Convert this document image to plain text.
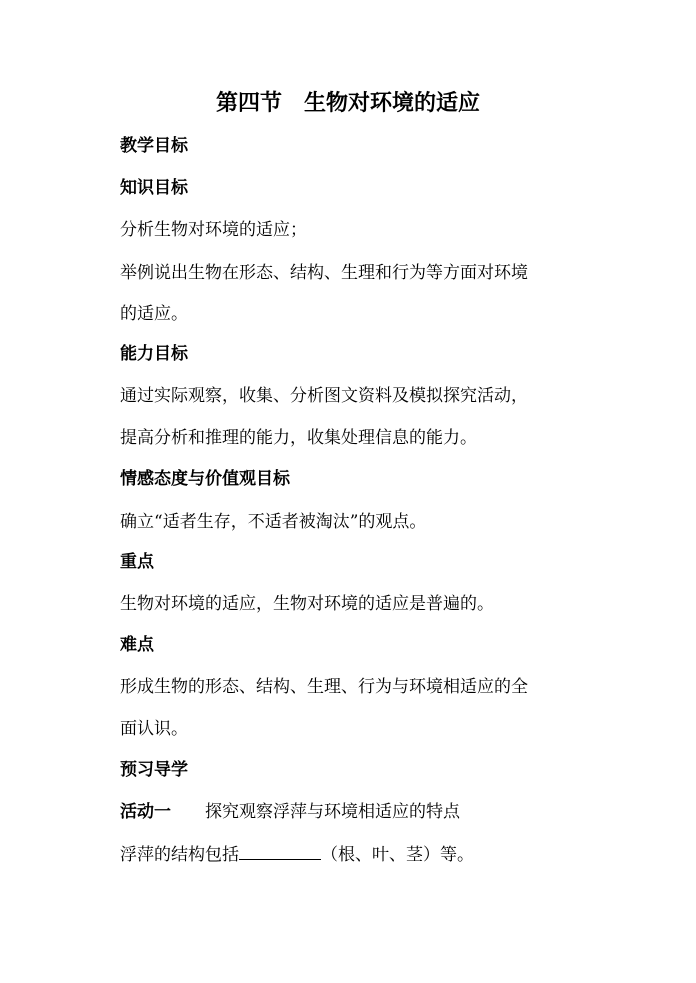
第四节　生物对环境的适应
教学目标
知识目标
分析生物对环境的适应；
举例说出生物在形态、结构、生理和行为等方面对环境
的适应。
能力目标
通过实际观察，收集、分析图文资料及模拟探究活动，
提高分析和推理的能力，收集处理信息的能力。
情感态度与价值观目标
确立“适者生存，不适者被淘汰”的观点。
重点
生物对环境的适应，生物对环境的适应是普遍的。
难点
形成生物的形态、结构、生理、行为与环境相适应的全
面认识。
预习导学
活动一 探究观察浮萍与环境相适应的特点
浮萍的结构包括	（根、叶、茎）等。
